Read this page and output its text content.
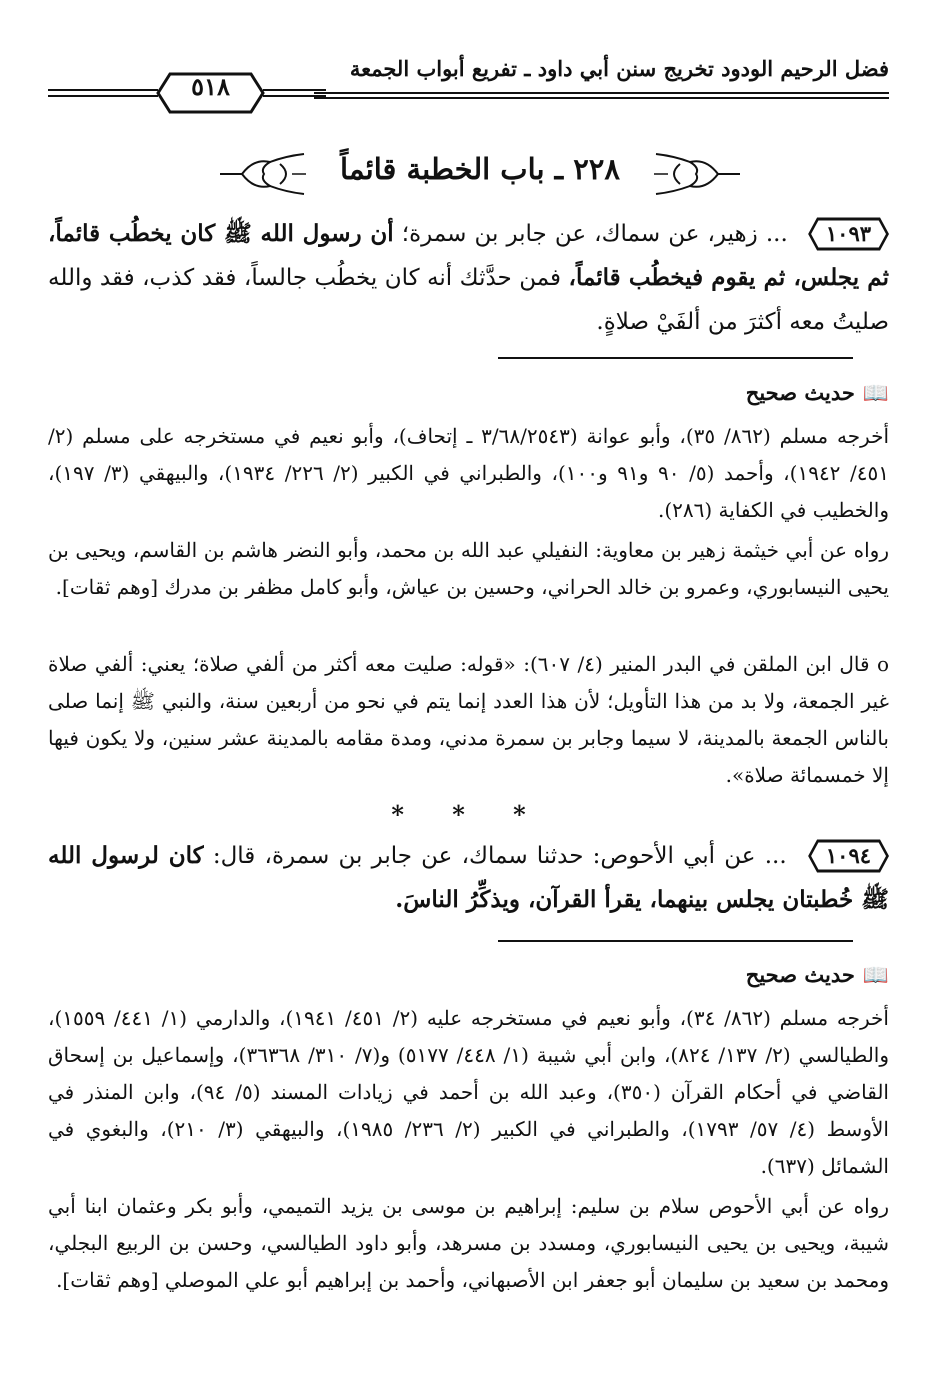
فضل الرحيم الودود تخريج سنن أبي داود ـ تفريع أبواب الجمعة
٥١٨
٢٢٨ ـ باب الخطبة قائماً
١٠٩٣ ... زهير، عن سماك، عن جابر بن سمرة؛ أن رسول الله ﷺ كان يخطُب قائماً، ثم يجلس، ثم يقوم فيخطُب قائماً، فمن حدَّثك أنه كان يخطُب جالساً، فقد كذب، فقد والله صليتُ معه أكثرَ من ألفَيْ صلاةٍ.
📖حديث صحيح
أخرجه مسلم (٨٦٢/ ٣٥)، وأبو عوانة (٣/٦٨/٢٥٤٣ ـ إتحاف)، وأبو نعيم في مستخرجه على مسلم (٢/ ٤٥١/ ١٩٤٢)، وأحمد (٥/ ٩٠ و٩١ و١٠٠)، والطبراني في الكبير (٢/ ٢٢٦/ ١٩٣٤)، والبيهقي (٣/ ١٩٧)، والخطيب في الكفاية (٢٨٦).
رواه عن أبي خيثمة زهير بن معاوية: النفيلي عبد الله بن محمد، وأبو النضر هاشم بن القاسم، ويحيى بن يحيى النيسابوري، وعمرو بن خالد الحراني، وحسين بن عياش، وأبو كامل مظفر بن مدرك [وهم ثقات].
o قال ابن الملقن في البدر المنير (٤/ ٦٠٧): «قوله: صليت معه أكثر من ألفي صلاة؛ يعني: ألفي صلاة غير الجمعة، ولا بد من هذا التأويل؛ لأن هذا العدد إنما يتم في نحو من أربعين سنة، والنبي ﷺ إنما صلى بالناس الجمعة بالمدينة، لا سيما وجابر بن سمرة مدني، ومدة مقامه بالمدينة عشر سنين، ولا يكون فيها إلا خمسمائة صلاة».
* * *
١٠٩٤ ... عن أبي الأحوص: حدثنا سماك، عن جابر بن سمرة، قال: كان لرسول الله ﷺ خُطبتان يجلس بينهما، يقرأ القرآن، ويذكِّرُ الناسَ.
📖حديث صحيح
أخرجه مسلم (٨٦٢/ ٣٤)، وأبو نعيم في مستخرجه عليه (٢/ ٤٥١/ ١٩٤١)، والدارمي (١/ ٤٤١/ ١٥٥٩)، والطيالسي (٢/ ١٣٧/ ٨٢٤)، وابن أبي شيبة (١/ ٤٤٨/ ٥١٧٧) و(٧/ ٣١٠/ ٣٦٣٦٨)، وإسماعيل بن إسحاق القاضي في أحكام القرآن (٣٥٠)، وعبد الله بن أحمد في زيادات المسند (٥/ ٩٤)، وابن المنذر في الأوسط (٤/ ٥٧/ ١٧٩٣)، والطبراني في الكبير (٢/ ٢٣٦/ ١٩٨٥)، والبيهقي (٣/ ٢١٠)، والبغوي في الشمائل (٦٣٧).
رواه عن أبي الأحوص سلام بن سليم: إبراهيم بن موسى بن يزيد التميمي، وأبو بكر وعثمان ابنا أبي شيبة، ويحيى بن يحيى النيسابوري، ومسدد بن مسرهد، وأبو داود الطيالسي، وحسن بن الربيع البجلي، ومحمد بن سعيد بن سليمان أبو جعفر ابن الأصبهاني، وأحمد بن إبراهيم أبو علي الموصلي [وهم ثقات].
